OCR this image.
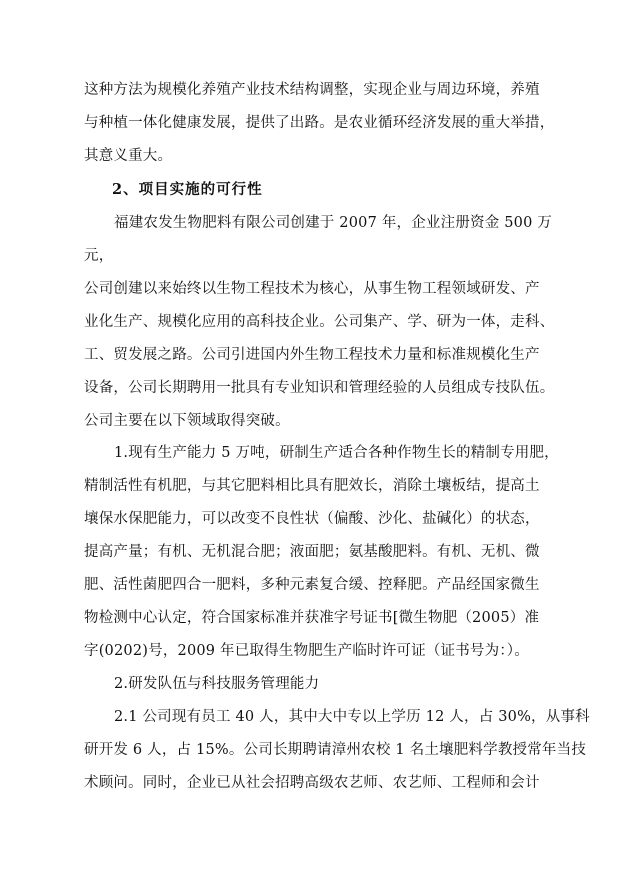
这种方法为规模化养殖产业技术结构调整，实现企业与周边环境，养殖
与种植一体化健康发展，提供了出路。是农业循环经济发展的重大举措，
其意义重大。
2、项目实施的可行性
福建农发生物肥料有限公司创建于 2007 年，企业注册资金 500 万
元，
公司创建以来始终以生物工程技术为核心，从事生物工程领域研发、产
业化生产、规模化应用的高科技企业。公司集产、学、研为一体，走科、
工、贸发展之路。公司引进国内外生物工程技术力量和标准规模化生产
设备，公司长期聘用一批具有专业知识和管理经验的人员组成专技队伍。
公司主要在以下领域取得突破。
1.现有生产能力 5 万吨，研制生产适合各种作物生长的精制专用肥，
精制活性有机肥，与其它肥料相比具有肥效长，消除土壤板结，提高土
壤保水保肥能力，可以改变不良性状（偏酸、沙化、盐碱化）的状态，
提高产量；有机、无机混合肥；液面肥；氨基酸肥料。有机、无机、微
肥、活性菌肥四合一肥料，多种元素复合缓、控释肥。产品经国家微生
物检测中心认定，符合国家标准并获准字号证书[微生物肥（2005）准
字(0202)号，2009 年已取得生物肥生产临时许可证（证书号为：）。
2.研发队伍与科技服务管理能力
2.1 公司现有员工 40 人，其中大中专以上学历 12 人，占 30%，从事科
研开发 6 人，占 15%。公司长期聘请漳州农校 1 名土壤肥料学教授常年当技
术顾问。同时，企业已从社会招聘高级农艺师、农艺师、工程师和会计
